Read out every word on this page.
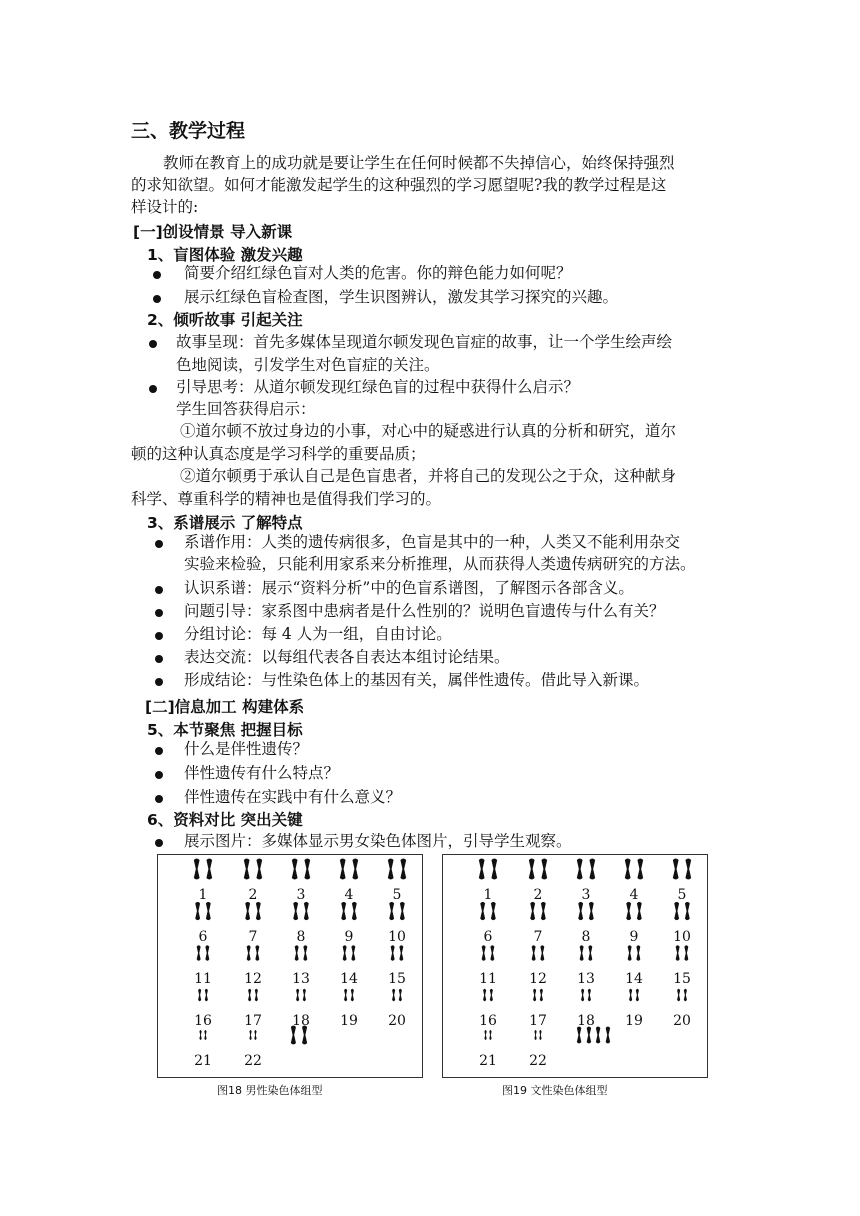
三、教学过程
教师在教育上的成功就是要让学生在任何时候都不失掉信心，始终保持强烈
的求知欲望。如何才能激发起学生的这种强烈的学习愿望呢?我的教学过程是这
样设计的:
[一]创设情景 导入新课
1、盲图体验 激发兴趣
简要介绍红绿色盲对人类的危害。你的辩色能力如何呢？
展示红绿色盲检查图，学生识图辨认，激发其学习探究的兴趣。
2、倾听故事 引起关注
故事呈现：首先多媒体呈现道尔顿发现色盲症的故事，让一个学生绘声绘
色地阅读，引发学生对色盲症的关注。
引导思考：从道尔顿发现红绿色盲的过程中获得什么启示？
学生回答获得启示：
①道尔顿不放过身边的小事，对心中的疑惑进行认真的分析和研究，道尔
顿的这种认真态度是学习科学的重要品质；
②道尔顿勇于承认自己是色盲患者，并将自己的发现公之于众，这种献身
科学、尊重科学的精神也是值得我们学习的。
3、系谱展示 了解特点
系谱作用：人类的遗传病很多，色盲是其中的一种，人类又不能利用杂交
实验来检验，只能利用家系来分析推理，从而获得人类遗传病研究的方法。
认识系谱：展示“资料分析”中的色盲系谱图，了解图示各部含义。
问题引导：家系图中患病者是什么性别的？说明色盲遗传与什么有关？
分组讨论：每 4 人为一组，自由讨论。
表达交流：以每组代表各自表达本组讨论结果。
形成结论：与性染色体上的基因有关，属伴性遗传。借此导入新课。
[二]信息加工 构建体系
5、本节聚焦 把握目标
什么是伴性遗传？
伴性遗传有什么特点？
伴性遗传在实践中有什么意义？
6、资料对比 突出关键
展示图片：多媒体显示男女染色体图片，引导学生观察。
1	2	3	4	5
6	7	8	9	10
11	12	13	14	15
16	17	18	19	20
21	22
1	2	3	4	5
6	7	8	9	10
11	12	13	14	15
16	17	18	19	20
21	22
图18 男性染色体组型	图19 文性染色体组型
